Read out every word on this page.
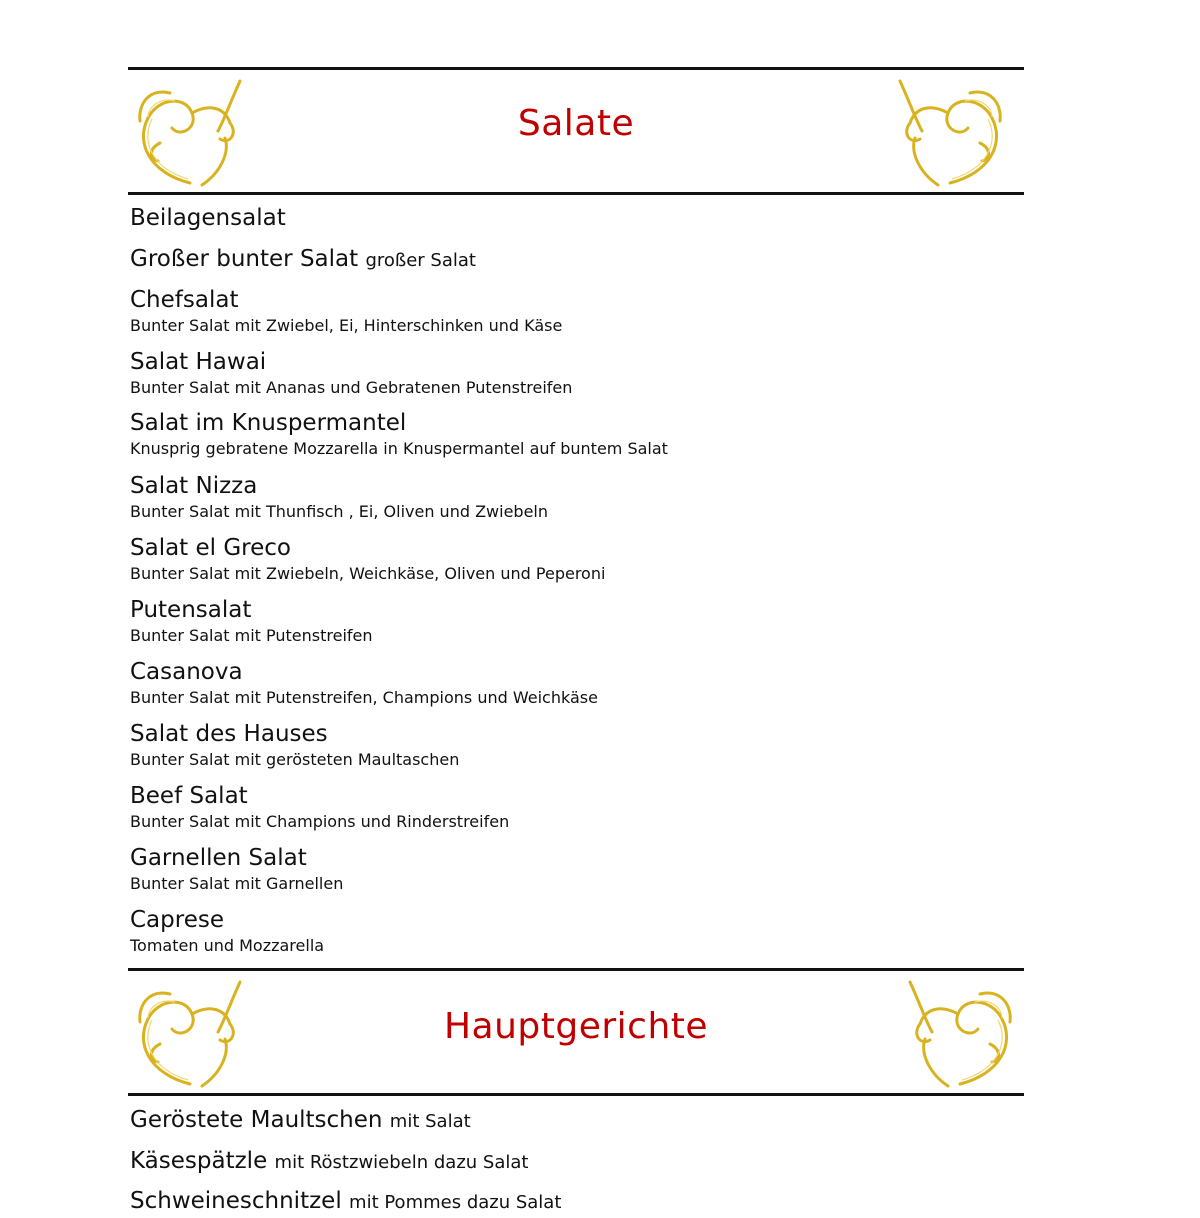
Salate
Beilagensalat
Großer bunter Salat großer Salat
Chefsalat
Bunter Salat mit Zwiebel, Ei, Hinterschinken und Käse
Salat Hawai
Bunter Salat mit Ananas und Gebratenen Putenstreifen
Salat im Knuspermantel
Knusprig gebratene Mozzarella in Knuspermantel auf buntem Salat
Salat Nizza
Bunter Salat mit Thunfisch , Ei, Oliven und Zwiebeln
Salat el Greco
Bunter Salat mit Zwiebeln, Weichkäse, Oliven und Peperoni
Putensalat
Bunter Salat mit Putenstreifen
Casanova
Bunter Salat mit Putenstreifen, Champions und Weichkäse
Salat des Hauses
Bunter Salat mit gerösteten Maultaschen
Beef Salat
Bunter Salat mit Champions und Rinderstreifen
Garnellen Salat
Bunter Salat mit Garnellen
Caprese
Tomaten und Mozzarella
Hauptgerichte
Geröstete Maultschen mit Salat
Käsespätzle mit Röstzwiebeln dazu Salat
Schweineschnitzel mit Pommes dazu Salat
